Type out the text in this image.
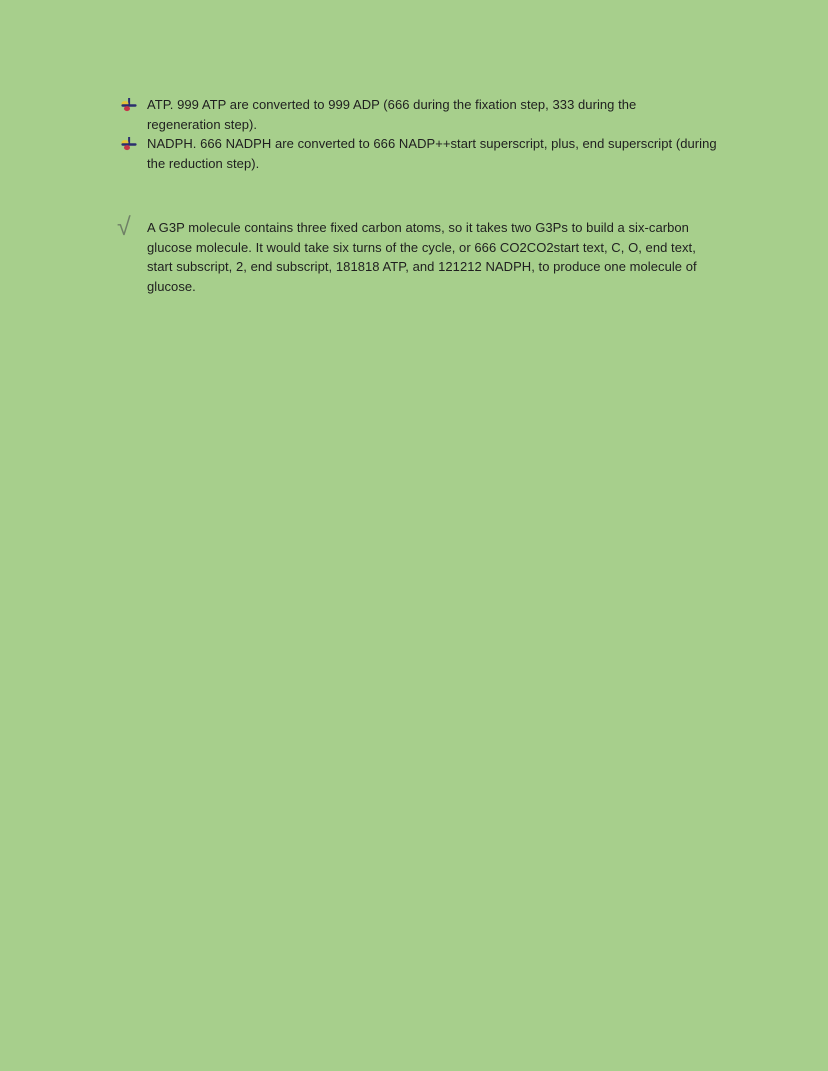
ATP. 999 ATP are converted to 999 ADP (666 during the fixation step, 333 during the
regeneration step).
NADPH. 666 NADPH are converted to 666 NADP++start superscript, plus, end superscript (during
the reduction step).
√ A G3P molecule contains three fixed carbon atoms, so it takes two G3Ps to build a six-carbon
glucose molecule. It would take six turns of the cycle, or 666 CO2CO2start text, C, O, end text,
start subscript, 2, end subscript, 181818 ATP, and 121212 NADPH, to produce one molecule of
glucose.
